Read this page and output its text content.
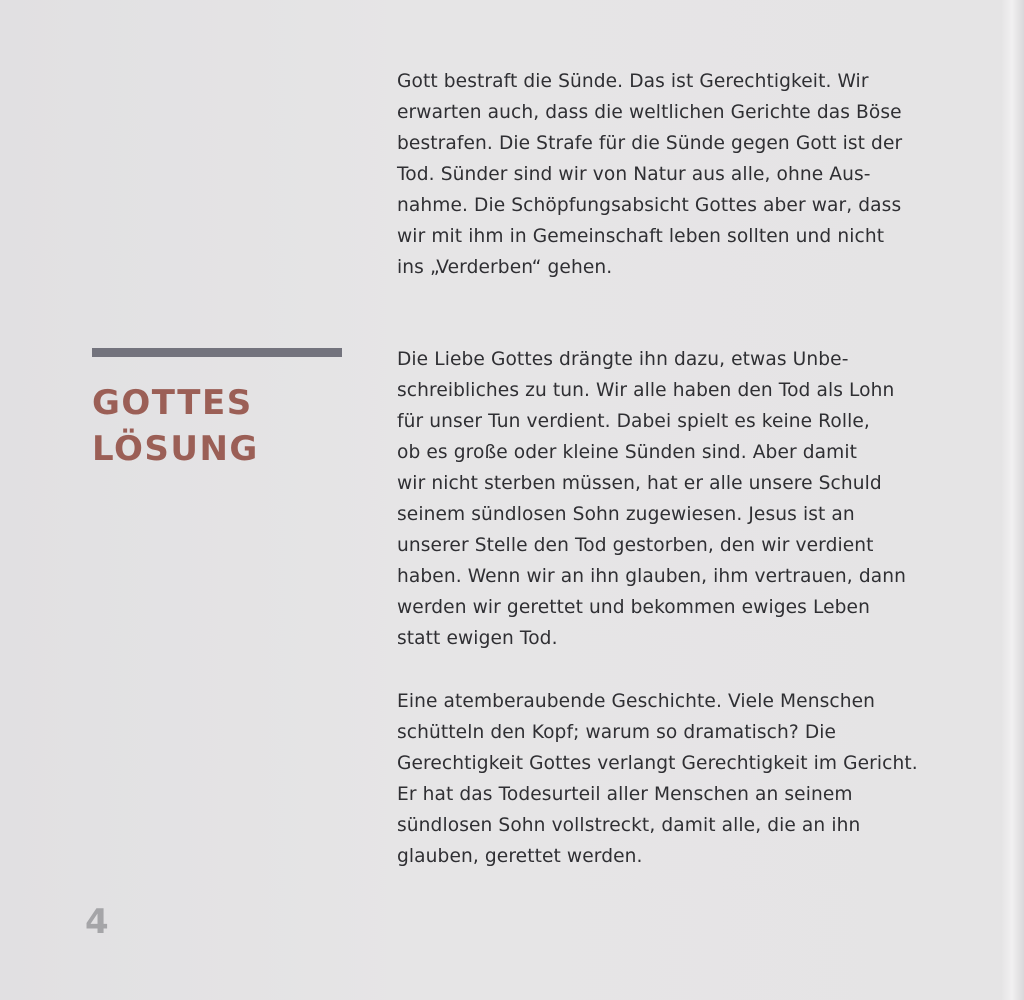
GOTTES
LÖSUNG
Gott bestraft die Sünde. Das ist Gerechtigkeit. Wir
erwarten auch, dass die weltlichen Gerichte das Böse
bestrafen. Die Strafe für die Sünde gegen Gott ist der
Tod. Sünder sind wir von Natur aus alle, ohne Aus-
nahme. Die Schöpfungsabsicht Gottes aber war, dass
wir mit ihm in Gemeinschaft leben sollten und nicht
ins „Verderben“ gehen.
Die Liebe Gottes drängte ihn dazu, etwas Unbe-
schreibliches zu tun. Wir alle haben den Tod als Lohn
für unser Tun verdient. Dabei spielt es keine Rolle,
ob es große oder kleine Sünden sind. Aber damit
wir nicht sterben müssen, hat er alle unsere Schuld
seinem sündlosen Sohn zugewiesen. Jesus ist an
unserer Stelle den Tod gestorben, den wir verdient
haben. Wenn wir an ihn glauben, ihm vertrauen, dann
werden wir gerettet und bekommen ewiges Leben
statt ewigen Tod.
Eine atemberaubende Geschichte. Viele Menschen
schütteln den Kopf; warum so dramatisch? Die
Gerechtigkeit Gottes verlangt Gerechtigkeit im Gericht.
Er hat das Todesurteil aller Menschen an seinem
sündlosen Sohn vollstreckt, damit alle, die an ihn
glauben, gerettet werden.
4
